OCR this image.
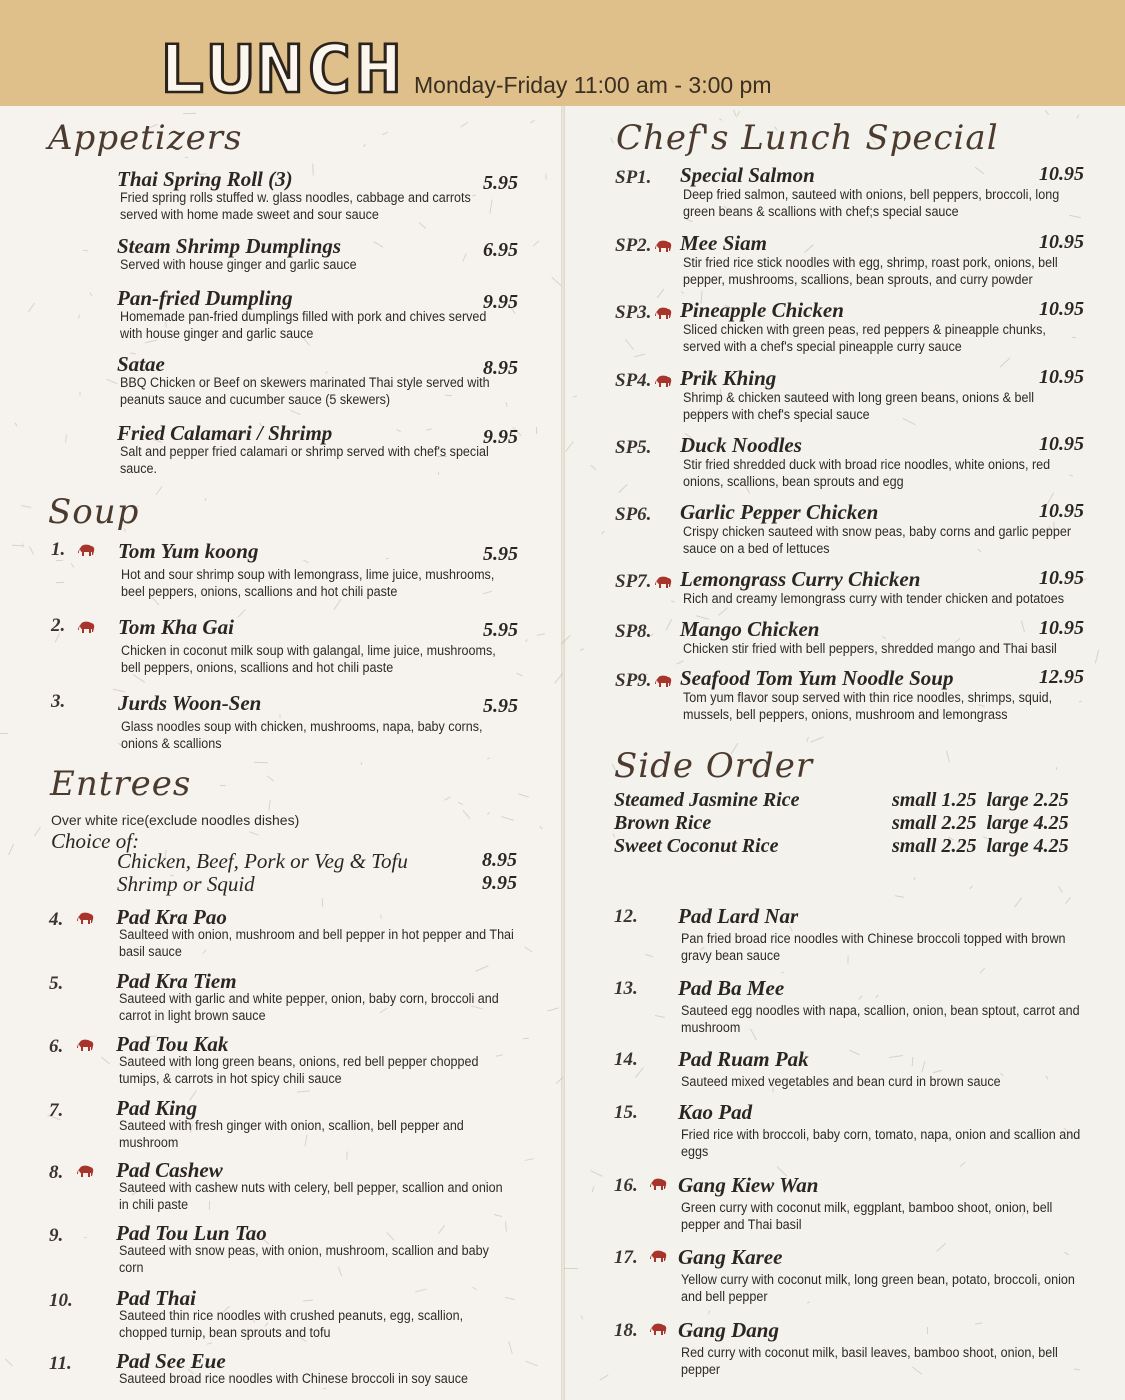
LUNCH Monday-Friday 11:00 am - 3:00 pm
Appetizers
Soup
Entrees
Over white rice(exclude noodles dishes)
Choice of:
Chicken, Beef, Pork or Veg & Tofu	8.95
Shrimp or Squid	9.95
Chef's Lunch Special
Side Order
Thai Spring Roll (3)	5.95
Fried spring rolls stuffed w. glass noodles, cabbage and carrots served with home made sweet and sour sauce
Steam Shrimp Dumplings	6.95
Served with house ginger and garlic sauce
Pan-fried Dumpling	9.95
Homemade pan-fried dumplings filled with pork and chives served with house ginger and garlic sauce
Satae	8.95
BBQ Chicken or Beef on skewers marinated Thai style served with peanuts sauce and cucumber sauce (5 skewers)
Fried Calamari / Shrimp	9.95
Salt and pepper fried calamari or shrimp served with chef's special sauce.
1.	Tom Yum koong	5.95
Hot and sour shrimp soup with lemongrass, lime juice, mushrooms, beel peppers, onions, scallions and hot chili paste
2.	Tom Kha Gai	5.95
Chicken in coconut milk soup with galangal, lime juice, mushrooms, bell peppers, onions, scallions and hot chili paste
3.	Jurds Woon-Sen	5.95
Glass noodles soup with chicken, mushrooms, napa, baby corns, onions & scallions
4.	Pad Kra Pao
Saulteed with onion, mushroom and bell pepper in hot pepper and Thai basil sauce
5.	Pad Kra Tiem
Sauteed with garlic and white pepper, onion, baby corn, broccoli and carrot in light brown sauce
6.	Pad Tou Kak
Sauteed with long green beans, onions, red bell pepper chopped tumips, & carrots in hot spicy chili sauce
7.	Pad King
Sauteed with fresh ginger with onion, scallion, bell pepper and mushroom
8.	Pad Cashew
Sauteed with cashew nuts with celery, bell pepper, scallion and onion in chili paste
9.	Pad Tou Lun Tao
Sauteed with snow peas, with onion, mushroom, scallion and baby corn
10. Pad Thai
Sauteed thin rice noodles with crushed peanuts, egg, scallion, chopped turnip, bean sprouts and tofu
11. Pad See Eue
Sauteed broad rice noodles with Chinese broccoli in soy sauce
SP1. Special Salmon	10.95
Deep fried salmon, sauteed with onions, bell peppers, broccoli, long green beans & scallions with chef;s special sauce
SP2. Mee Siam	10.95
Stir fried rice stick noodles with egg, shrimp, roast pork, onions, bell pepper, mushrooms, scallions, bean sprouts, and curry powder
SP3. Pineapple Chicken	10.95
Sliced chicken with green peas, red peppers & pineapple chunks, served with a chef's special pineapple curry sauce
SP4. Prik Khing	10.95
Shrimp & chicken sauteed with long green beans, onions & bell peppers with chef's special sauce
SP5. Duck Noodles	10.95
Stir fried shredded duck with broad rice noodles, white onions, red onions, scallions, bean sprouts and egg
SP6. Garlic Pepper Chicken	10.95
Crispy chicken sauteed with snow peas, baby corns and garlic pepper sauce on a bed of lettuces
SP7. Lemongrass Curry Chicken	10.95
Rich and creamy lemongrass curry with tender chicken and potatoes
SP8. Mango Chicken	10.95
Chicken stir fried with bell peppers, shredded mango and Thai basil
SP9. Seafood Tom Yum Noodle Soup	12.95
Tom yum flavor soup served with thin rice noodles, shrimps, squid, mussels, bell peppers, onions, mushroom and lemongrass
Steamed Jasmine Rice	small 1.25  large 2.25
Brown Rice	small 2.25  large 4.25
Sweet Coconut Rice	small 2.25  large 4.25
12. Pad Lard Nar
Pan fried broad rice noodles with Chinese broccoli topped with brown gravy bean sauce
13. Pad Ba Mee
Sauteed egg noodles with napa, scallion, onion, bean sptout, carrot and mushroom
14. Pad Ruam Pak
Sauteed mixed vegetables and bean curd in brown sauce
15. Kao Pad
Fried rice with broccoli, baby corn, tomato, napa, onion and scallion and eggs
16. Gang Kiew Wan
Green curry with coconut milk, eggplant, bamboo shoot, onion, bell pepper and Thai basil
17. Gang Karee
Yellow curry with coconut milk, long green bean, potato, broccoli, onion and bell pepper
18. Gang Dang
Red curry with coconut milk, basil leaves, bamboo shoot, onion, bell pepper
